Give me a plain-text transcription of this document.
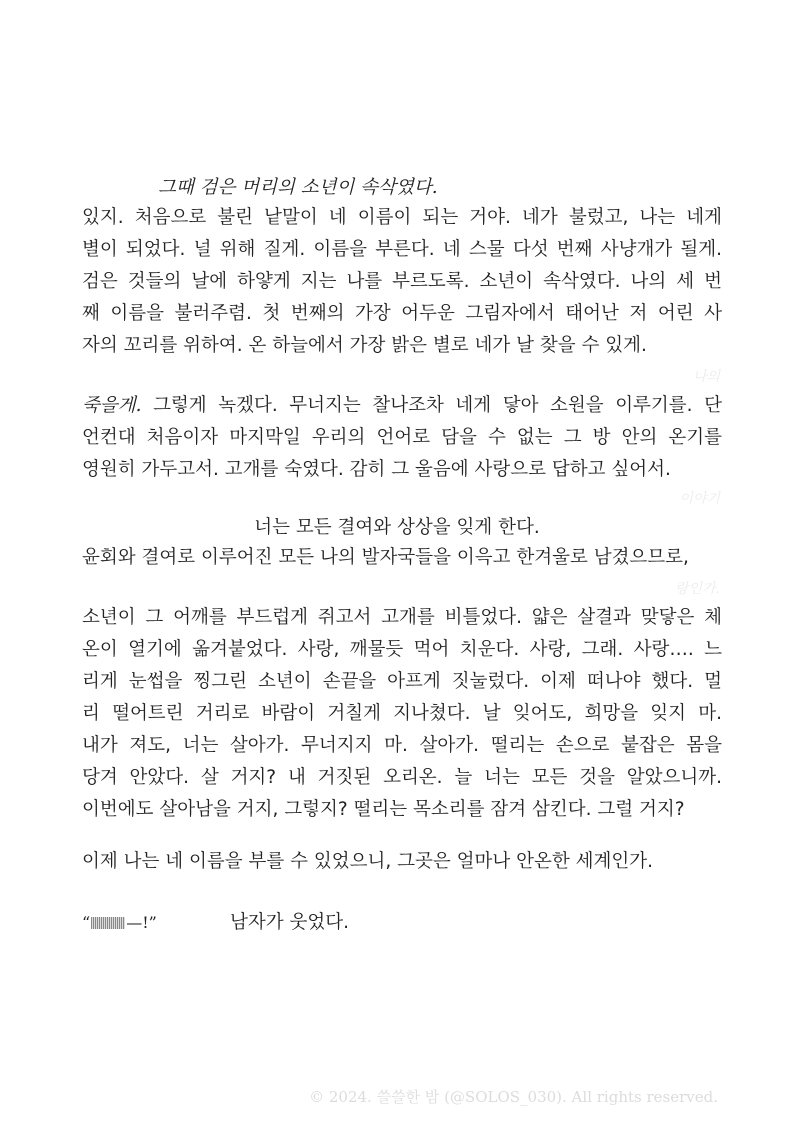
그때 검은 머리의 소년이 속삭였다.
있지. 처음으로 불린 낱말이 네 이름이 되는 거야. 네가 불렀고, 나는 네게
별이 되었다. 널 위해 질게. 이름을 부른다. 네 스물 다섯 번째 사냥개가 될게.
검은 것들의 날에 하얗게 지는 나를 부르도록. 소년이 속삭였다. 나의 세 번
째 이름을 불러주렴. 첫 번째의 가장 어두운 그림자에서 태어난 저 어린 사
자의 꼬리를 위하여. 온 하늘에서 가장 밝은 별로 네가 날 찾을 수 있게.
나의
죽을게. 그렇게 녹겠다. 무너지는 찰나조차 네게 닿아 소원을 이루기를. 단
언컨대 처음이자 마지막일 우리의 언어로 담을 수 없는 그 방 안의 온기를
영원히 가두고서. 고개를 숙였다. 감히 그 울음에 사랑으로 답하고 싶어서.
이야기
너는 모든 결여와 상상을 잊게 한다.
윤회와 결여로 이루어진 모든 나의 발자국들을 이윽고 한겨울로 남겼으므로,
랑인가.
소년이 그 어깨를 부드럽게 쥐고서 고개를 비틀었다. 얇은 살결과 맞닿은 체
온이 열기에 옮겨붙었다. 사랑, 깨물듯 먹어 치운다. 사랑, 그래. 사랑…. 느
리게 눈썹을 찡그린 소년이 손끝을 아프게 짓눌렀다. 이제 떠나야 했다. 멀
리 떨어트린 거리로 바람이 거칠게 지나쳤다. 날 잊어도, 희망을 잊지 마.
내가 져도, 너는 살아가. 무너지지 마. 살아가. 떨리는 손으로 붙잡은 몸을
당겨 안았다. 살 거지? 내 거짓된 오리온. 늘 너는 모든 것을 알았으니까.
이번에도 살아남을 거지, 그렇지? 떨리는 목소리를 잠겨 삼킨다. 그럴 거지?
이제 나는 네 이름을 부를 수 있었으니, 그곳은 얼마나 안온한 세계인가.
“ —!”	남자가 웃었다.
© 2024. 쓸쓸한 밤 (@SOLOS_030). All rights reserved.
